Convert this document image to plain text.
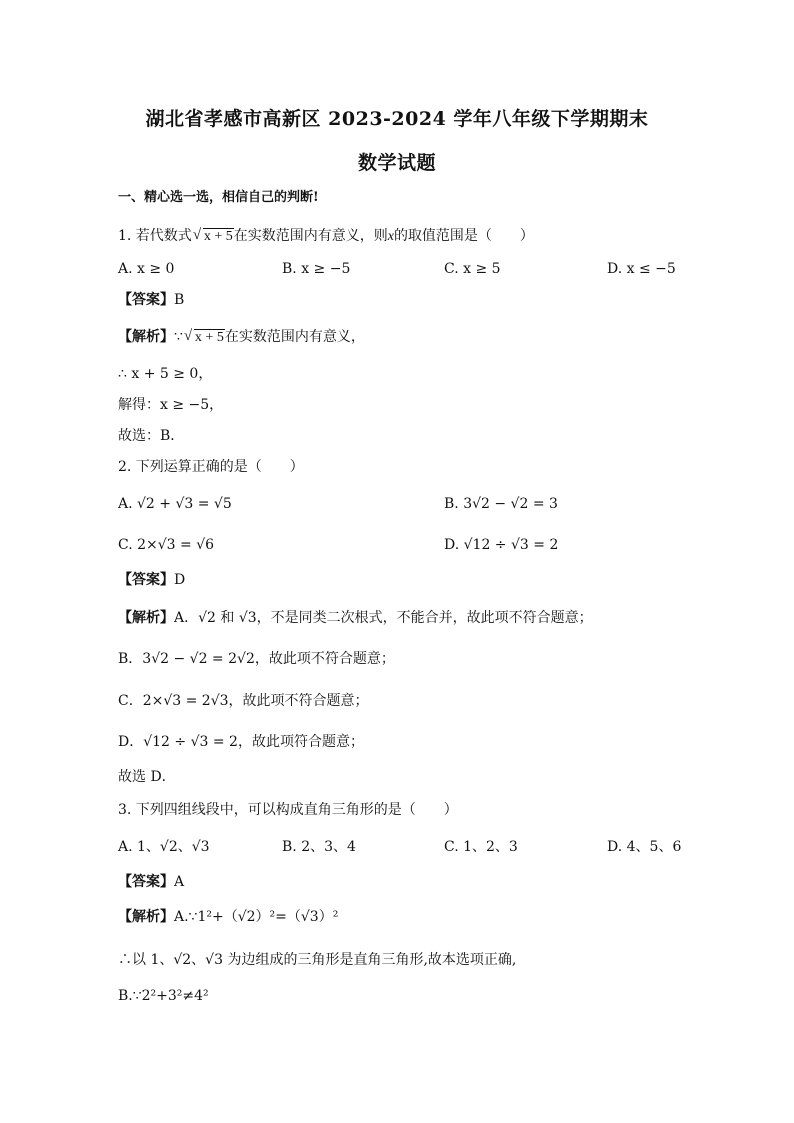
湖北省孝感市高新区 2023-2024 学年八年级下学期期末
数学试题
一、精心选一选，相信自己的判断!
1. 若代数式 √ x + 5在实数范围内有意义，则x的取值范围是（　　）
A. x ≥ 0	B. x ≥ −5	C. x ≥ 5	D. x ≤ −5
【答案】B
【解析】∵ √ x + 5在实数范围内有意义，
∴ x + 5 ≥ 0，
解得：x ≥ −5，
故选：B．
2. 下列运算正确的是（　　）
A. √2 + √3 = √5	B. 3√2 − √2 = 3
C. 2×√3 = √6	D. √12 ÷ √3 = 2
【答案】D
【解析】A．√2 和 √3，不是同类二次根式，不能合并，故此项不符合题意；
B．3√2 − √2 = 2√2，故此项不符合题意；
C．2×√3 = 2√3，故此项不符合题意；
D．√12 ÷ √3 = 2，故此项符合题意；
故选 D．
3. 下列四组线段中，可以构成直角三角形的是（　　）
A. 1、√2、√3	B. 2、3、4	C. 1、2、3	D. 4、5、6
【答案】A
【解析】A.∵1²+（√2）²=（√3）²
∴以 1、√2、√3 为边组成的三角形是直角三角形,故本选项正确,
B.∵2²+3²≠4²
